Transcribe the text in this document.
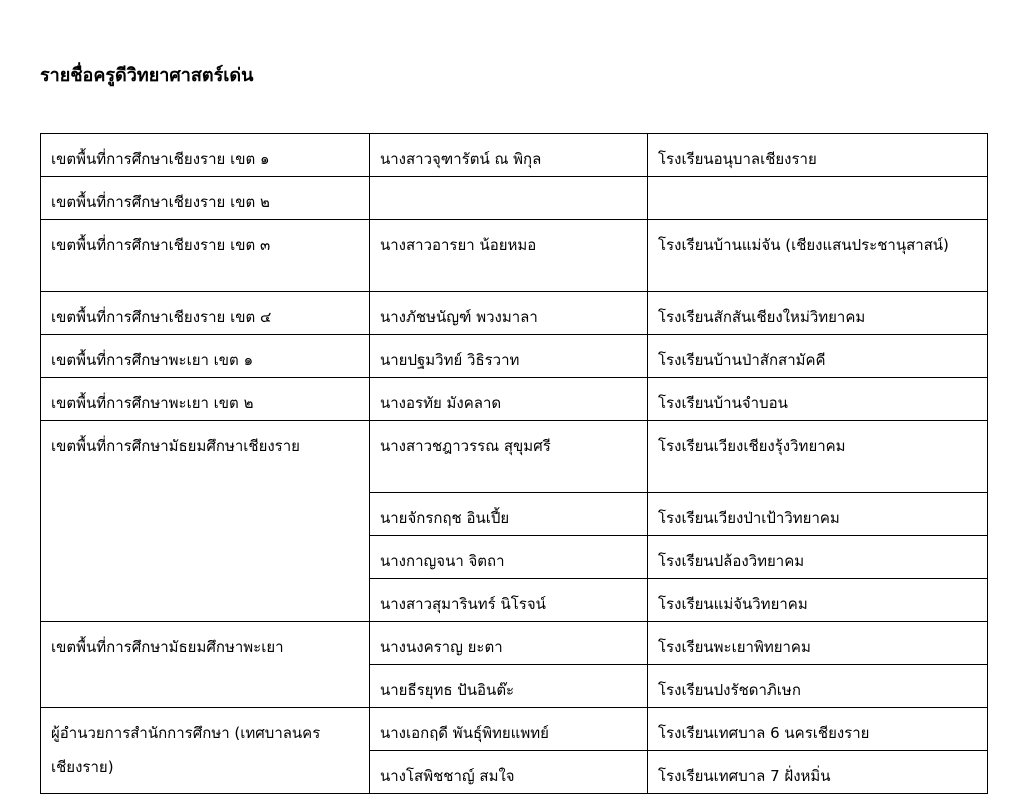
รายชื่อครูดีวิทยาศาสตร์เด่น
เขตพื้นที่การศึกษาเชียงราย เขต ๑	นางสาวจุฑารัตน์ ณ พิกุล	โรงเรียนอนุบาลเชียงราย
เขตพื้นที่การศึกษาเชียงราย เขต ๒		
เขตพื้นที่การศึกษาเชียงราย เขต ๓	นางสาวอารยา น้อยหมอ	โรงเรียนบ้านแม่จัน (เชียงแสนประชานุสาสน์)
เขตพื้นที่การศึกษาเชียงราย เขต ๔	นางภัชษนัญฑ์ พวงมาลา	โรงเรียนสักสันเชียงใหม่วิทยาคม
เขตพื้นที่การศึกษาพะเยา เขต ๑	นายปฐมวิทย์ วิธิรวาท	โรงเรียนบ้านป่าสักสามัคคี
เขตพื้นที่การศึกษาพะเยา เขต ๒	นางอรทัย มังคลาด	โรงเรียนบ้านจำบอน
เขตพื้นที่การศึกษามัธยมศึกษาเชียงราย	นางสาวชฎาวรรณ สุขุมศรี	โรงเรียนเวียงเชียงรุ้งวิทยาคม
	นายจักรกฤช อินเปี้ย	โรงเรียนเวียงป่าเป้าวิทยาคม
	นางกาญจนา จิตถา	โรงเรียนปล้องวิทยาคม
	นางสาวสุมารินทร์ นิโรจน์	โรงเรียนแม่จันวิทยาคม
เขตพื้นที่การศึกษามัธยมศึกษาพะเยา	นางนงคราญ ยะตา	โรงเรียนพะเยาพิทยาคม
	นายธีรยุทธ ปันอินต๊ะ	โรงเรียนปงรัชดาภิเษก
ผู้อำนวยการสำนักการศึกษา (เทศบาลนครเชียงราย)	นางเอกฤดี พันธุ์พิทยแพทย์	โรงเรียนเทศบาล 6 นครเชียงราย
	นางโสพิชชาญ์ สมใจ	โรงเรียนเทศบาล 7 ฝั่งหมิ่น
